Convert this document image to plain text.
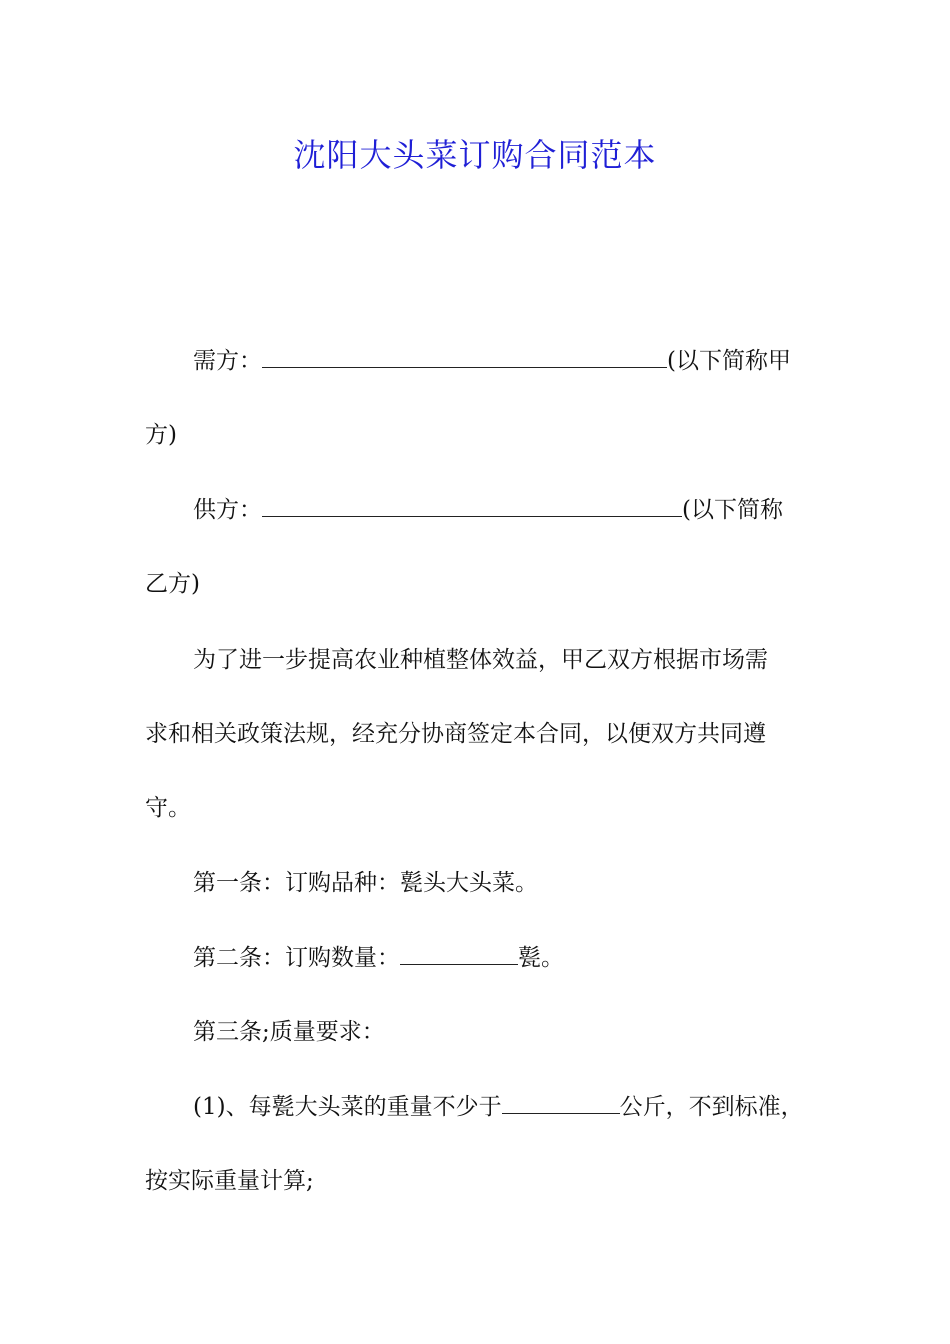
沈阳大头菜订购合同范本
需方：	(以下简称甲
方)
供方：	(以下简称
乙方)
为了进一步提高农业种植整体效益，甲乙双方根据市场需
求和相关政策法规，经充分协商签定本合同，以便双方共同遵
守。
第一条：订购品种：甏头大头菜。
第二条：订购数量：	甏。
第三条;质量要求：
(1)、每甏大头菜的重量不少于	公斤，不到标准，
按实际重量计算;
